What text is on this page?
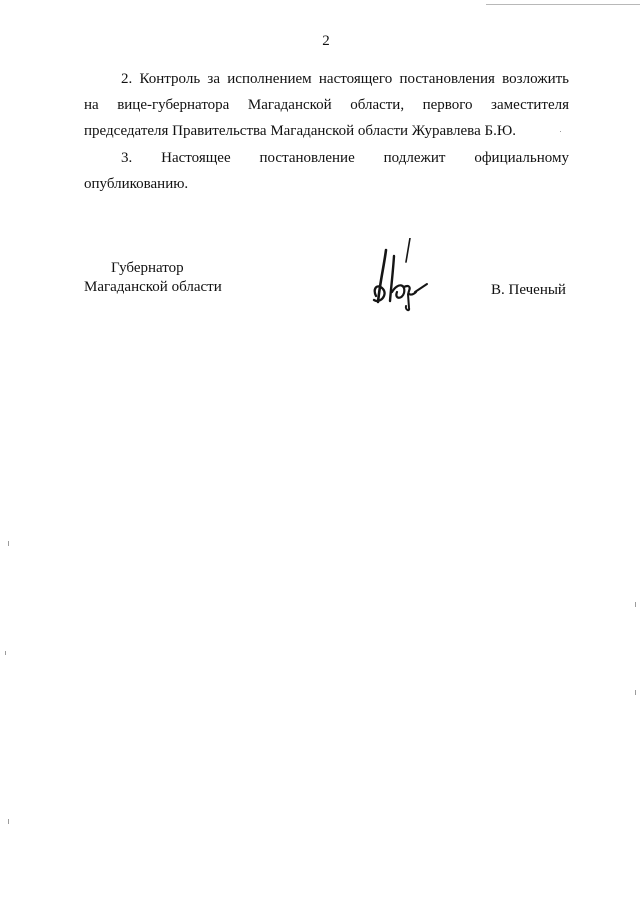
2

2. Контроль за исполнением настоящего постановления возложить
на вице-губернатора Магаданской области, первого заместителя
председателя Правительства Магаданской области Журавлева Б.Ю.

3. Настоящее постановление подлежит официальному
опубликованию.

Губернатор
Магаданской области	В. Печеный
